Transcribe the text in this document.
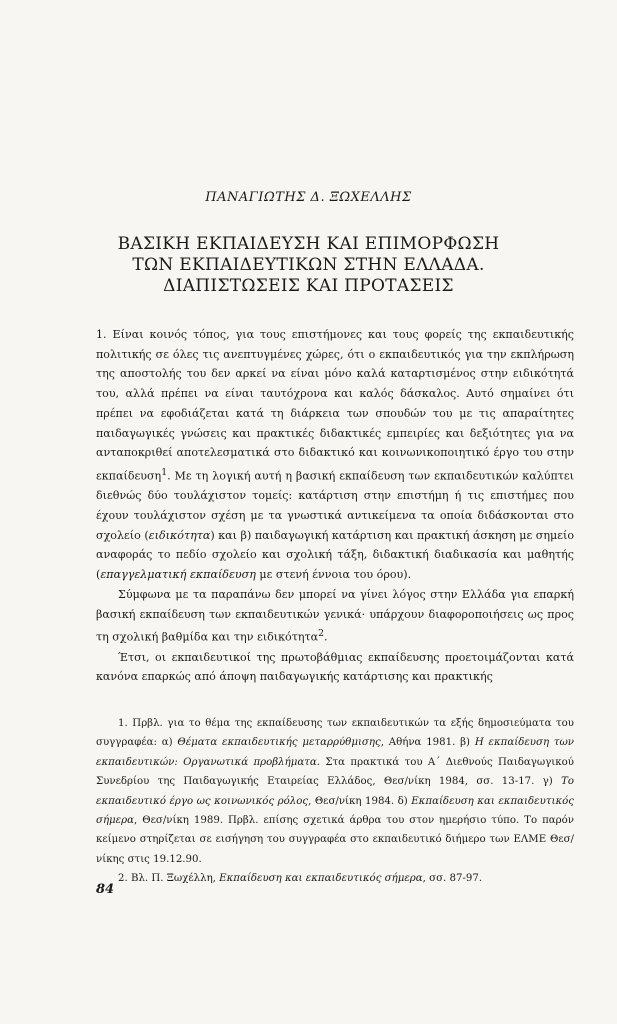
ΠΑΝΑΓΙΩΤΗΣ Δ. ΞΩΧΕΛΛΗΣ
ΒΑΣΙΚΗ ΕΚΠΑΙΔΕΥΣΗ ΚΑΙ ΕΠΙΜΟΡΦΩΣΗ
ΤΩΝ ΕΚΠΑΙΔΕΥΤΙΚΩΝ ΣΤΗΝ ΕΛΛΑΔΑ.
ΔΙΑΠΙΣΤΩΣΕΙΣ ΚΑΙ ΠΡΟΤΑΣΕΙΣ

1. Είναι κοινός τόπος, για τους επιστήμονες και τους φορείς της εκπαιδευτικής πολιτικής σε όλες τις ανεπτυγμένες χώρες, ότι ο εκπαιδευτικός για την εκπλήρωση της αποστολής του δεν αρκεί να είναι μόνο καλά καταρτισμένος στην ειδικότητά του, αλλά πρέπει να είναι ταυτόχρονα και καλός δάσκαλος. Αυτό σημαίνει ότι πρέπει να εφοδιάζεται κατά τη διάρκεια των σπουδών του με τις απαραίτητες παιδαγωγικές γνώσεις και πρακτικές διδακτικές εμπειρίες και δεξιότητες για να ανταποκριθεί αποτελεσματικά στο διδακτικό και κοινωνικοποιητικό έργο του στην εκπαίδευση$^1$. Με τη λογική αυτή η βασική εκπαίδευση των εκπαιδευτικών καλύπτει διεθνώς δύο τουλάχιστον τομείς: κατάρτιση στην επιστήμη ή τις επιστήμες που έχουν τουλάχιστον σχέση με τα γνωστικά αντικείμενα τα οποία διδάσκονται στο σχολείο (ειδικότητα) και β) παιδαγωγική κατάρτιση και πρακτική άσκηση με σημείο αναφοράς το πεδίο σχολείο και σχολική τάξη, διδακτική διαδικασία και μαθητής (επαγγελματική εκπαίδευση με στενή έννοια του όρου).

Σύμφωνα με τα παραπάνω δεν μπορεί να γίνει λόγος στην Ελλάδα για επαρκή βασική εκπαίδευση των εκπαιδευτικών γενικά· υπάρχουν διαφοροποιήσεις ως προς τη σχολική βαθμίδα και την ειδικότητα$^2$.

Έτσι, οι εκπαιδευτικοί της πρωτοβάθμιας εκπαίδευσης προετοιμάζονται κατά κανόνα επαρκώς από άποψη παιδαγωγικής κατάρτισης και πρακτικής

1. Πρβλ. για το θέμα της εκπαίδευσης των εκπαιδευτικών τα εξής δημοσιεύματα του συγγραφέα: α) Θέματα εκπαιδευτικής μεταρρύθμισης, Αθήνα 1981. β) Η εκπαίδευση των εκπαιδευτικών: Οργανωτικά προβλήματα. Στα πρακτικά του Α΄ Διεθνούς Παιδαγωγικού Συνεδρίου της Παιδαγωγικής Εταιρείας Ελλάδος, Θεσ/νίκη 1984, σσ. 13-17. γ) Το εκπαιδευτικό έργο ως κοινωνικός ρόλος, Θεσ/νίκη 1984. δ) Εκπαίδευση και εκπαιδευτικός σήμερα, Θεσ/νίκη 1989. Πρβλ. επίσης σχετικά άρθρα του στον ημερήσιο τύπο. Το παρόν κείμενο στηρίζεται σε εισήγηση του συγγραφέα στο εκπαιδευτικό διήμερο των ΕΛΜΕ Θεσ/νίκης στις 19.12.90.

2. Βλ. Π. Ξωχέλλη, Εκπαίδευση και εκπαιδευτικός σήμερα, σσ. 87-97.

84
